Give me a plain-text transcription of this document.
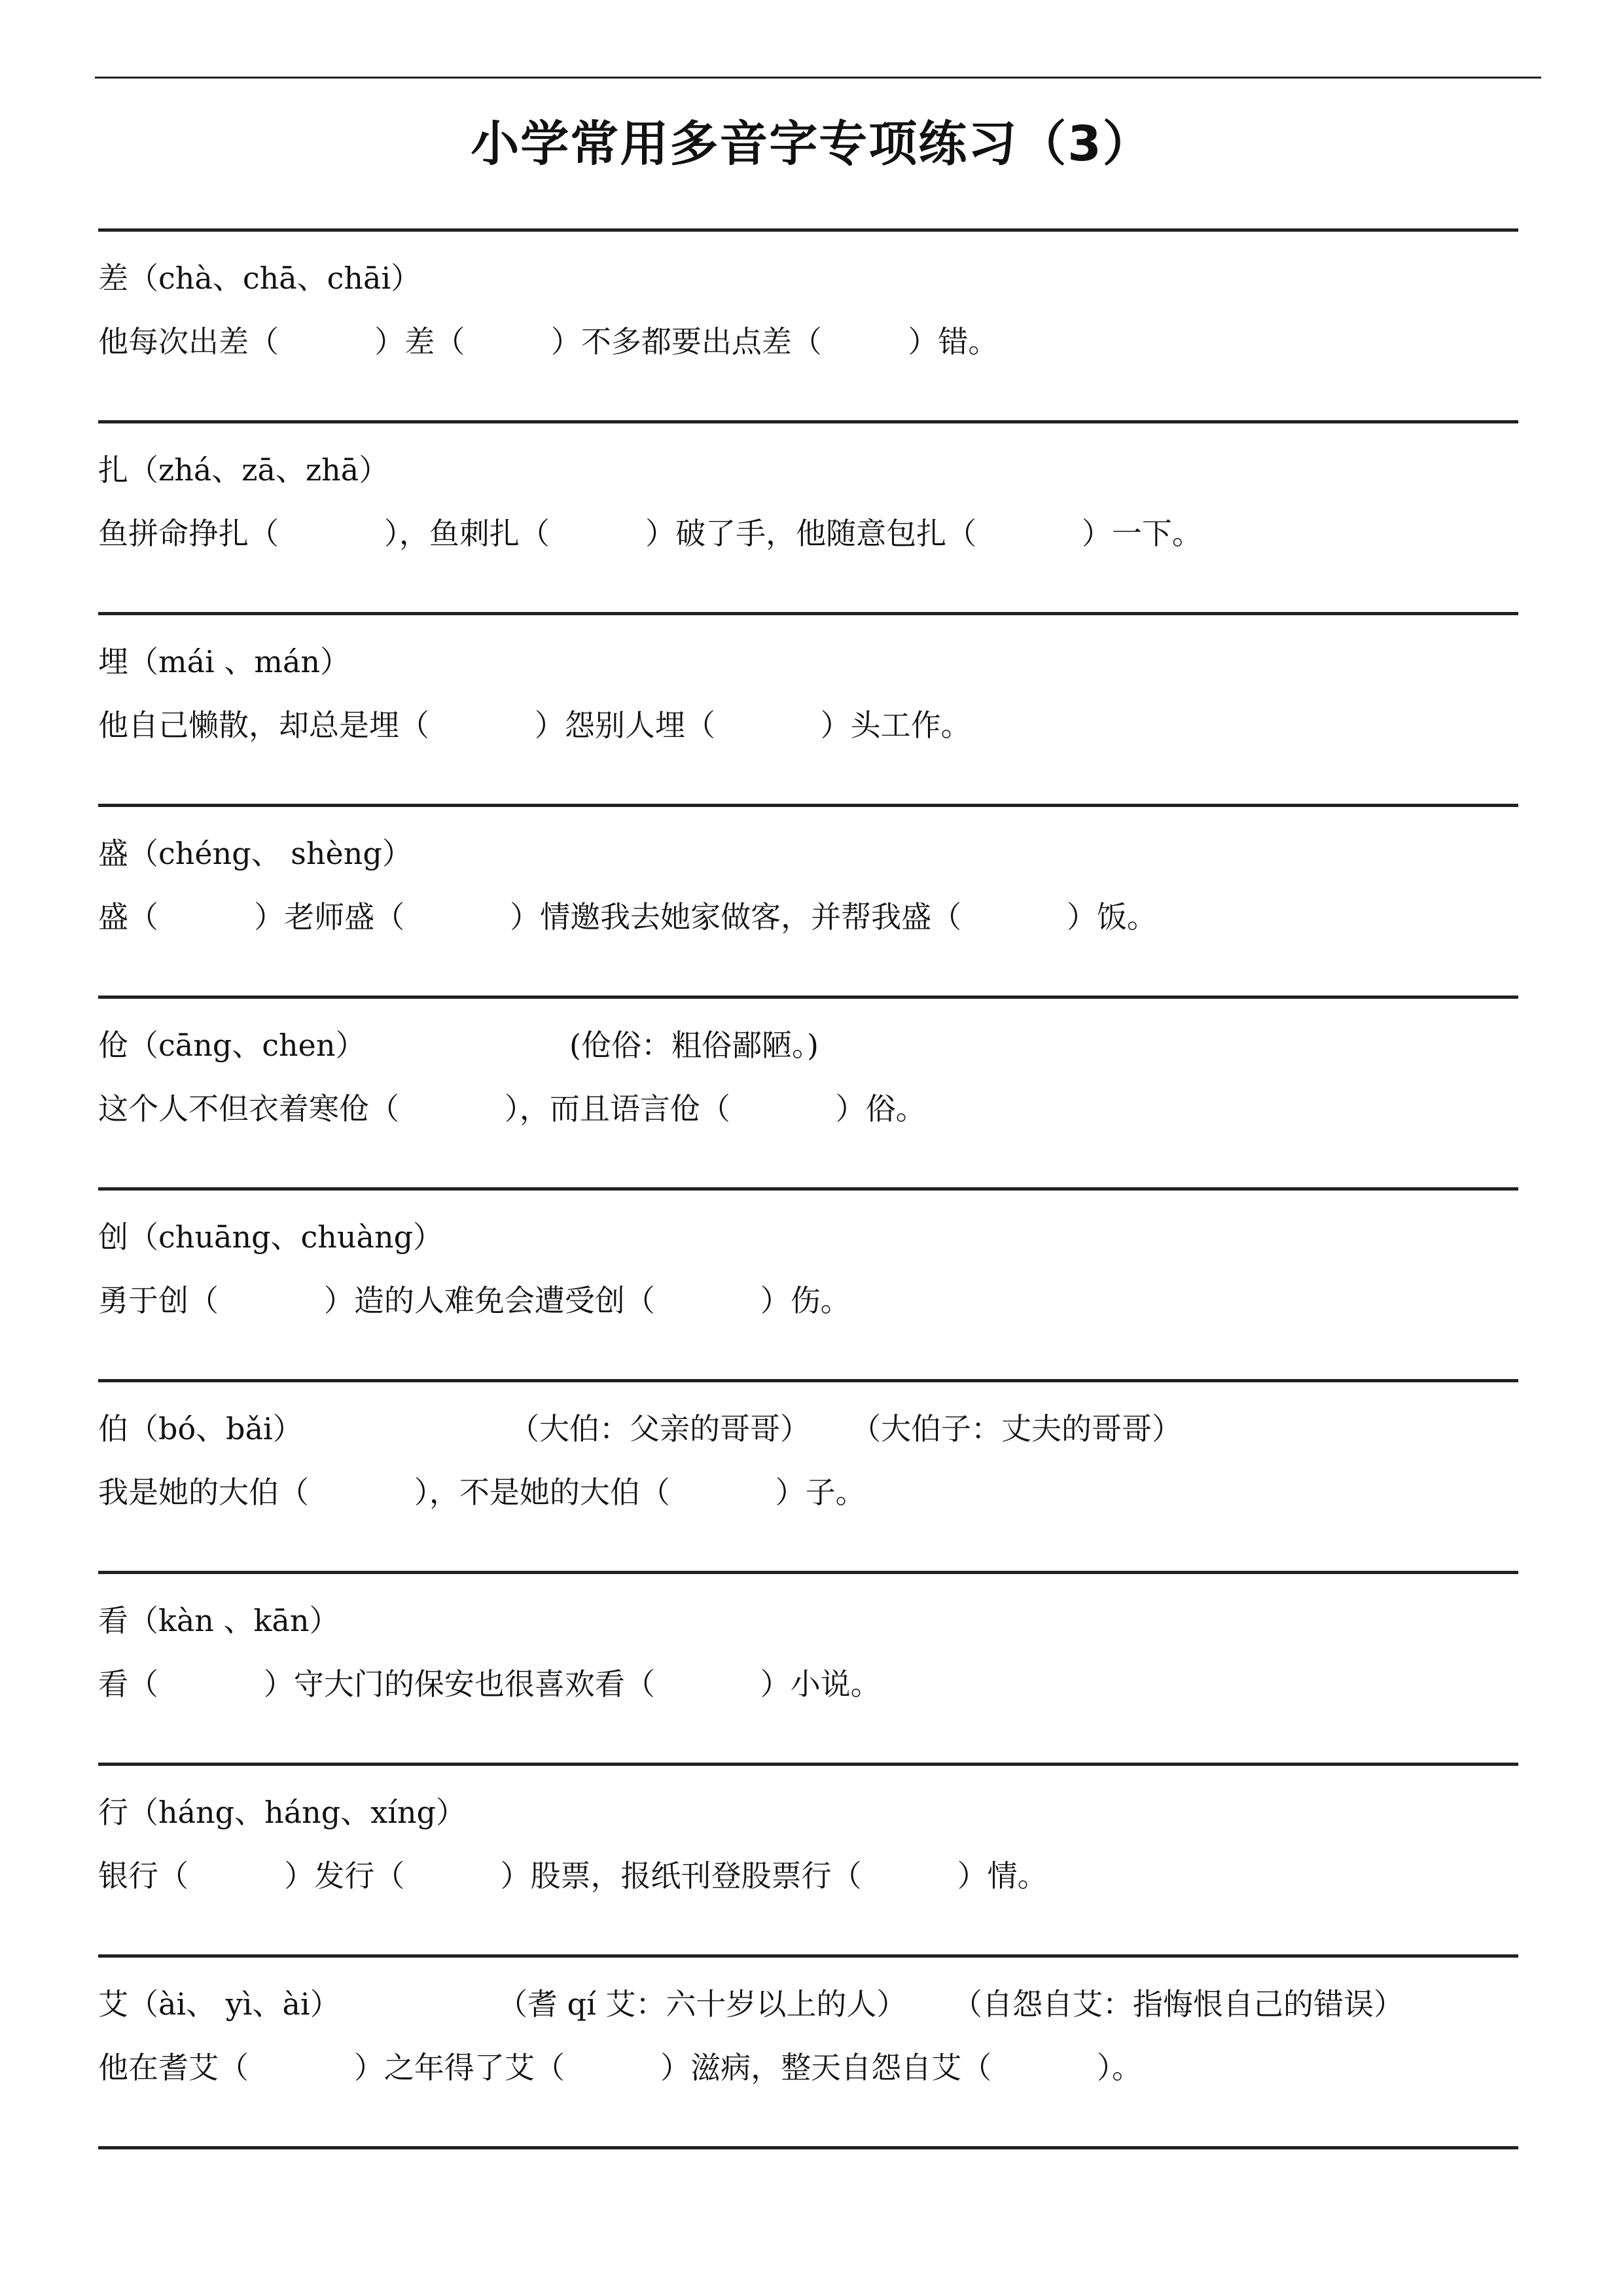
小学常用多音字专项练习（3）
差（chà、chā、chāi）
他每次出差（          ）差（         ）不多都要出点差（         ）错。
扎（zhá、zā、zhā）
鱼拼命挣扎（           ），鱼刺扎（          ）破了手，他随意包扎（           ）一下。
埋（mái 、mán）
他自己懒散，却总是埋（           ）怨别人埋（           ）头工作。
盛（chéng、 shèng）
盛（          ）老师盛（           ）情邀我去她家做客，并帮我盛（           ）饭。
伧（cāng、chen）	(伧俗：粗俗鄙陋。)
这个人不但衣着寒伧（           ），而且语言伧（           ）俗。
创（chuāng、chuàng）
勇于创（           ）造的人难免会遭受创（           ）伤。
伯（bó、bǎi）	（大伯：父亲的哥哥） （大伯子：丈夫的哥哥）
我是她的大伯（           ），不是她的大伯（           ）子。
看（kàn 、kān）
看（           ）守大门的保安也很喜欢看（           ）小说。
行（háng、háng、xíng）
银行（          ）发行（          ）股票，报纸刊登股票行（          ）情。
艾（ài、 yì、ài）	（耆 qí 艾：六十岁以上的人） （自怨自艾：指悔恨自己的错误）
他在耆艾（           ）之年得了艾（          ）滋病，整天自怨自艾（           ）。
